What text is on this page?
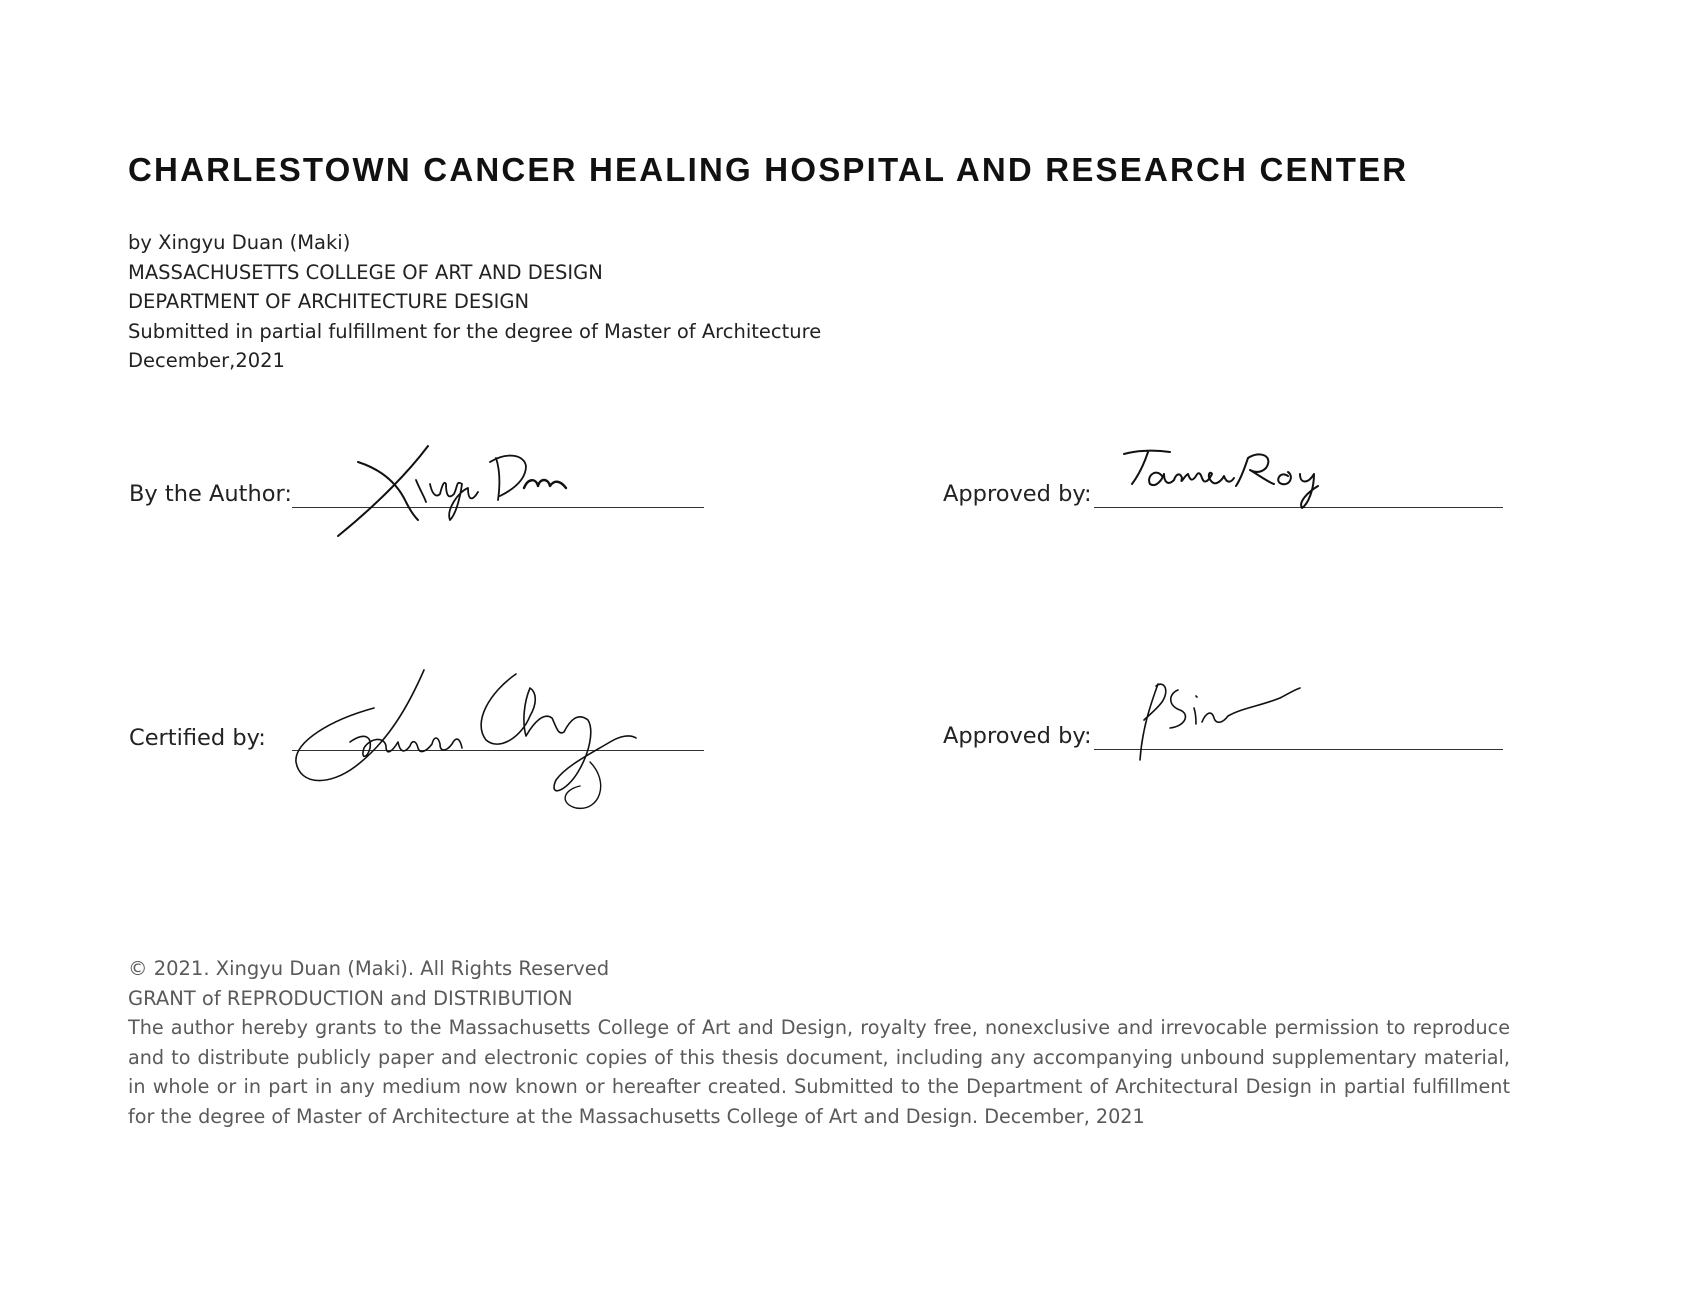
CHARLESTOWN CANCER HEALING HOSPITAL AND RESEARCH CENTER
by Xingyu Duan (Maki)
MASSACHUSETTS COLLEGE OF ART AND DESIGN
DEPARTMENT OF ARCHITECTURE DESIGN
Submitted in partial fulfillment for the degree of Master of Architecture
December,2021
By the Author:	Approved by:
Certified by:	Approved by:
© 2021. Xingyu Duan (Maki). All Rights Reserved
GRANT of REPRODUCTION and DISTRIBUTION
The author hereby grants to the Massachusetts College of Art and Design, royalty free, nonexclusive and irrevocable permission to reproduce and to distribute publicly paper and electronic copies of this thesis document, including any accompanying unbound supplementary material, in whole or in part in any medium now known or hereafter created. Submitted to the Department of Architectural Design in partial fulfillment for the degree of Master of Architecture at the Massachusetts College of Art and Design. December, 2021
